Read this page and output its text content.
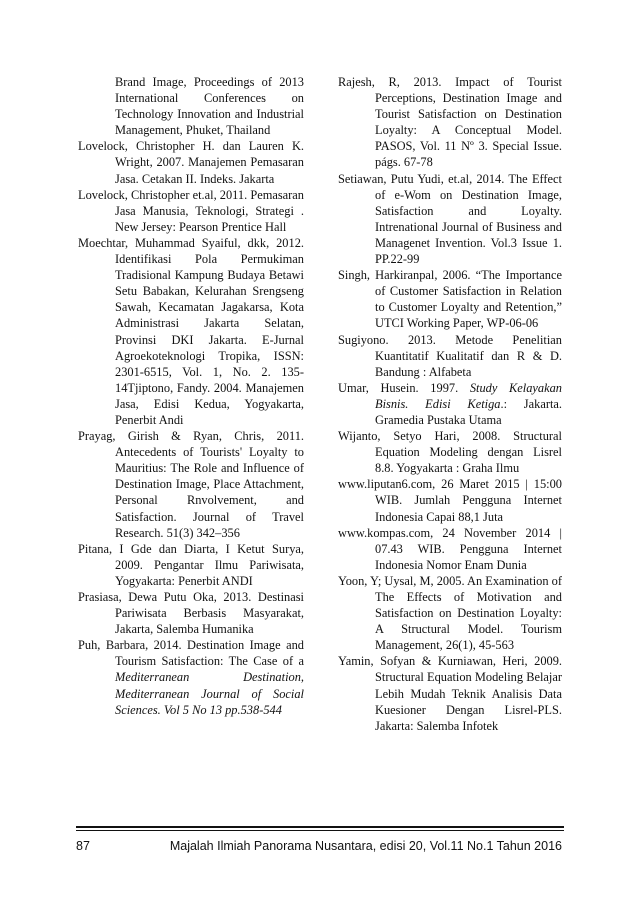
Brand Image, Proceedings of 2013 International Conferences on Technology Innovation and Industrial Management, Phuket, Thailand

Lovelock, Christopher H. dan Lauren K. Wright, 2007. Manajemen Pemasaran Jasa. Cetakan II. Indeks. Jakarta

Lovelock, Christopher et.al, 2011. Pemasaran Jasa Manusia, Teknologi, Strategi . New Jersey: Pearson Prentice Hall

Moechtar, Muhammad Syaiful, dkk, 2012. Identifikasi Pola Permukiman Tradisional Kampung Budaya Betawi Setu Babakan, Kelurahan Srengseng Sawah, Kecamatan Jagakarsa, Kota Administrasi Jakarta Selatan, Provinsi DKI Jakarta. E-Jurnal Agroekoteknologi Tropika, ISSN: 2301-6515, Vol. 1, No. 2. 135-14Tjiptono, Fandy. 2004. Manajemen Jasa, Edisi Kedua, Yogyakarta, Penerbit Andi

Prayag, Girish & Ryan, Chris, 2011. Antecedents of Tourists' Loyalty to Mauritius: The Role and Influence of Destination Image, Place Attachment, Personal Rnvolvement, and Satisfaction. Journal of Travel Research. 51(3) 342–356

Pitana, I Gde dan Diarta, I Ketut Surya, 2009. Pengantar Ilmu Pariwisata, Yogyakarta: Penerbit ANDI

Prasiasa, Dewa Putu Oka, 2013. Destinasi Pariwisata Berbasis Masyarakat, Jakarta, Salemba Humanika

Puh, Barbara, 2014. Destination Image and Tourism Satisfaction: The Case of a Mediterranean Destination, Mediterranean Journal of Social Sciences. Vol 5 No 13 pp.538-544

Rajesh, R, 2013. Impact of Tourist Perceptions, Destination Image and Tourist Satisfaction on Destination Loyalty: A Conceptual Model. PASOS, Vol. 11 Nº 3. Special Issue. págs. 67-78

Setiawan, Putu Yudi, et.al, 2014. The Effect of e-Wom on Destination Image, Satisfaction and Loyalty. Intrenational Journal of Business and Managenet Invention. Vol.3 Issue 1. PP.22-99

Singh, Harkiranpal, 2006. “The Importance of Customer Satisfaction in Relation to Customer Loyalty and Retention,” UTCI Working Paper, WP-06-06

Sugiyono. 2013. Metode Penelitian Kuantitatif Kualitatif dan R & D. Bandung : Alfabeta

Umar, Husein. 1997. Study Kelayakan Bisnis. Edisi Ketiga.: Jakarta. Gramedia Pustaka Utama

Wijanto, Setyo Hari, 2008. Structural Equation Modeling dengan Lisrel 8.8. Yogyakarta : Graha Ilmu

www.liputan6.com, 26 Maret 2015 | 15:00 WIB. Jumlah Pengguna Internet Indonesia Capai 88,1 Juta

www.kompas.com, 24 November 2014 | 07.43 WIB. Pengguna Internet Indonesia Nomor Enam Dunia

Yoon, Y; Uysal, M, 2005. An Examination of The Effects of Motivation and Satisfaction on Destination Loyalty: A Structural Model. Tourism Management, 26(1), 45-563

Yamin, Sofyan & Kurniawan, Heri, 2009. Structural Equation Modeling Belajar Lebih Mudah Teknik Analisis Data Kuesioner Dengan Lisrel-PLS. Jakarta: Salemba Infotek

87	Majalah Ilmiah Panorama Nusantara, edisi 20, Vol.11 No.1 Tahun 2016
